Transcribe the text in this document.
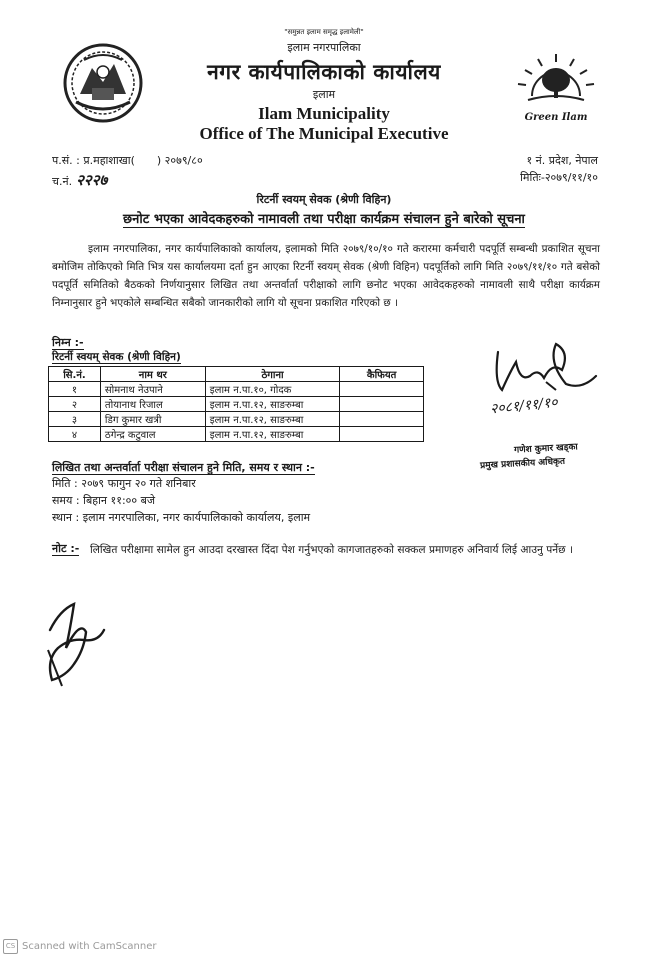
"समुन्नत इलाम समृद्ध इलामेली"
इलाम नगरपालिका
नगर कार्यपालिकाको कार्यालय
इलाम
Ilam Municipality
Office of The Municipal Executive
Green Ilam
प.सं. : प्र.महाशाखा( ) २०७९/८०
च.नं. २२२७
१ नं. प्रदेश, नेपाल
मितिः-२०७९/११/१०
रिटर्नी स्वयम् सेवक (श्रेणी विहिन)
छनोट भएका आवेदकहरुको नामावली तथा परीक्षा कार्यक्रम संचालन हुने बारेको सूचना
इलाम नगरपालिका, नगर कार्यपालिकाको कार्यालय, इलामको मिति २०७९/१०/१० गते करारमा कर्मचारी पदपूर्ति सम्बन्धी प्रकाशित सूचना बमोजिम तोकिएको मिति भित्र यस कार्यालयमा दर्ता हुन आएका रिटर्नी स्वयम् सेवक (श्रेणी विहिन) पदपूर्तिको लागि मिति २०७९/११/१० गते बसेको पदपूर्ति समितिको बैठकको निर्णयानुसार लिखित तथा अन्तर्वार्ता परीक्षाको लागि छनोट भएका आवेदकहरुको नामावली साथै परीक्षा कार्यक्रम निम्नानुसार हुने भएकोले सम्बन्धित सबैको जानकारीको लागि यो सूचना प्रकाशित गरिएको छ ।
निम्न :-
रिटर्नी स्वयम् सेवक (श्रेणी विहिन)
सि.नं.	नाम थर	ठेगाना	कैफियत
१	सोमनाथ नेउपाने	इलाम न.पा.१०, गोदक	
२	तोयानाथ रिजाल	इलाम न.पा.१२, साङरुम्बा	
३	डिग कुमार खत्री	इलाम न.पा.१२, साङरुम्बा	
४	ठगेन्द्र कटुवाल	इलाम न.पा.१२, साङरुम्बा	
लिखित तथा अन्तर्वार्ता परीक्षा संचालन हुने मिति, समय र स्थान :-
मिति : २०७९ फागुन २० गते शनिबार
समय : बिहान ११:०० बजे
स्थान : इलाम नगरपालिका, नगर कार्यपालिकाको कार्यालय, इलाम
नोट :- लिखित परीक्षामा सामेल हुन आउदा दरखास्त दिंदा पेश गर्नुभएको कागजातहरुको सक्कल प्रमाणहरु अनिवार्य लिई आउनु पर्नेछ ।
२०८१/११/१०
गणेश कुमार खड्का
प्रमुख प्रशासकीय अधिकृत
CS Scanned with CamScanner
